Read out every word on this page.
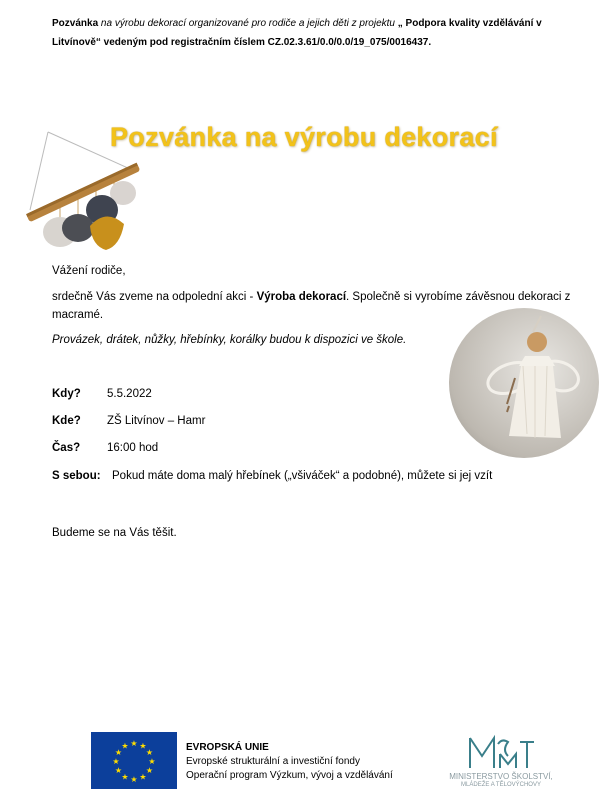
Pozvánka na výrobu dekorací organizované pro rodiče a jejich děti z projektu „ Podpora kvality vzdělávání v Litvínově“ vedeným pod registračním číslem CZ.02.3.61/0.0/0.0/19_075/0016437.
Pozvánka na výrobu dekorací
Vážení rodiče,
srdečně Vás zveme na odpolední akci - Výroba dekorací. Společně si vyrobíme závěsnou dekoraci z macramé.
Provázek, drátek, nůžky, hřebínky, korálky budou k dispozici ve škole.
Kdy? 5.5.2022
Kde? ZŠ Litvínov – Hamr
Čas? 16:00 hod
S sebou: Pokud máte doma malý hřebínek („všiváček“ a podobné), můžete si jej vzít
Budeme se na Vás těšit.
★ ★
★
★
★
★
★
★
★
★
★
★	EVROPSKÁ UNIE
Evropské strukturální a investiční fondy
Operační program Výzkum, vývoj a vzdělávání	MINISTERSTVO ŠKOLSTVÍ,
MLÁDEŽE A TĚLOVÝCHOVY
